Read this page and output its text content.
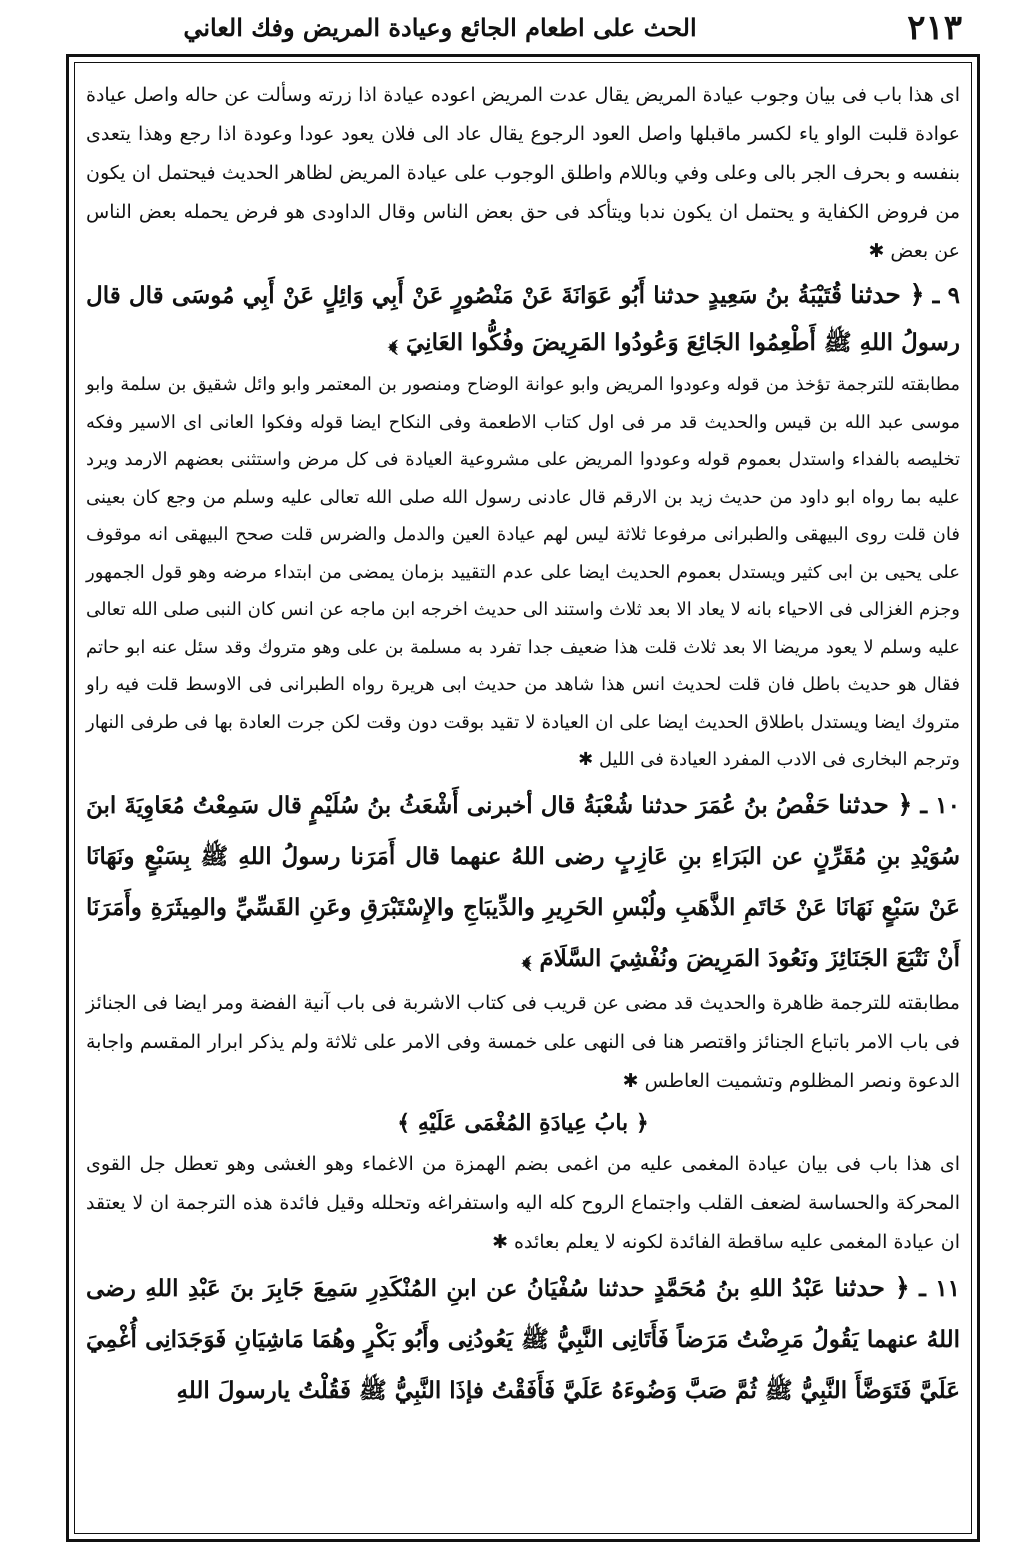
٢١٣
الحث على اطعام الجائع وعيادة المريض وفك العاني

اى هذا باب فى بيان وجوب عيادة المريض يقال عدت المريض اعوده عيادة اذا زرته وسألت عن حاله واصل عيادة عوادة قلبت الواو ياء لكسر ماقبلها واصل العود الرجوع يقال عاد الى فلان يعود عودا وعودة اذا رجع وهذا يتعدى بنفسه و بحرف الجر بالى وعلى وفي وباللام واطلق الوجوب على عيادة المريض لظاهر الحديث فيحتمل ان يكون من فروض الكفاية و يحتمل ان يكون ندبا ويتأكد فى حق بعض الناس وقال الداودى هو فرض يحمله بعض الناس عن بعض ✱

٩ ـ ﴿ حدثنا قُتَيْبَةُ بنُ سَعِيدٍ حدثنا أَبُو عَوَانَةَ عَنْ مَنْصُورٍ عَنْ أَبِي وَائِلٍ عَنْ أَبِي مُوسَى قال قال رسولُ اللهِ ﷺ أَطْعِمُوا الجَائِعَ وَعُودُوا المَرِيضَ وفُكُّوا العَانِيَ ﴾

مطابقته للترجمة تؤخذ من قوله وعودوا المريض وابو عوانة الوضاح ومنصور بن المعتمر وابو وائل شقيق بن سلمة وابو موسى عبد الله بن قيس والحديث قد مر فى اول كتاب الاطعمة وفى النكاح ايضا قوله وفكوا العانى اى الاسير وفكه تخليصه بالفداء واستدل بعموم قوله وعودوا المريض على مشروعية العيادة فى كل مرض واستثنى بعضهم الارمد ويرد عليه بما رواه ابو داود من حديث زيد بن الارقم قال عادنى رسول الله صلى الله تعالى عليه وسلم من وجع كان بعينى فان قلت روى البيهقى والطبرانى مرفوعا ثلاثة ليس لهم عيادة العين والدمل والضرس قلت صحح البيهقى انه موقوف على يحيى بن ابى كثير ويستدل بعموم الحديث ايضا على عدم التقييد بزمان يمضى من ابتداء مرضه وهو قول الجمهور وجزم الغزالى فى الاحياء بانه لا يعاد الا بعد ثلاث واستند الى حديث اخرجه ابن ماجه عن انس كان النبى صلى الله تعالى عليه وسلم لا يعود مريضا الا بعد ثلاث قلت هذا ضعيف جدا تفرد به مسلمة بن على وهو متروك وقد سئل عنه ابو حاتم فقال هو حديث باطل فان قلت لحديث انس هذا شاهد من حديث ابى هريرة رواه الطبرانى فى الاوسط قلت فيه راو متروك ايضا ويستدل باطلاق الحديث ايضا على ان العيادة لا تقيد بوقت دون وقت لكن جرت العادة بها فى طرفى النهار وترجم البخارى فى الادب المفرد العيادة فى الليل ✱

١٠ ـ ﴿ حدثنا حَفْصُ بنُ عُمَرَ حدثنا شُعْبَةُ قال أخبرنى أَشْعَثُ بنُ سُلَيْمٍ قال سَمِعْتُ مُعَاوِيَةَ ابنَ سُوَيْدِ بنِ مُقَرِّنٍ عن البَرَاءِ بنِ عَازِبٍ رضى اللهُ عنهما قال أَمَرَنا رسولُ اللهِ ﷺ بِسَبْعٍ ونَهَانَا عَنْ سَبْعٍ نَهَانَا عَنْ خَاتَمِ الذَّهَبِ ولُبْسِ الحَرِيرِ والدِّيبَاجِ والإِسْتَبْرَقِ وعَنِ القَسِّيِّ والمِيثَرَةِ وأَمَرَنَا أَنْ نَتْبَعَ الجَنَائِزَ ونَعُودَ المَرِيضَ ونُفْشِيَ السَّلَامَ ﴾

مطابقته للترجمة ظاهرة والحديث قد مضى عن قريب فى كتاب الاشربة فى باب آنية الفضة ومر ايضا فى الجنائز فى باب الامر باتباع الجنائز واقتصر هنا فى النهى على خمسة وفى الامر على ثلاثة ولم يذكر ابرار المقسم واجابة الدعوة ونصر المظلوم وتشميت العاطس ✱

﴿ بابُ عِيادَةِ المُغْمَى عَلَيْهِ ﴾

اى هذا باب فى بيان عيادة المغمى عليه من اغمى بضم الهمزة من الاغماء وهو الغشى وهو تعطل جل القوى المحركة والحساسة لضعف القلب واجتماع الروح كله اليه واستفراغه وتحلله وقيل فائدة هذه الترجمة ان لا يعتقد ان عيادة المغمى عليه ساقطة الفائدة لكونه لا يعلم بعائده ✱

١١ ـ ﴿ حدثنا عَبْدُ اللهِ بنُ مُحَمَّدٍ حدثنا سُفْيَانُ عن ابنِ المُنْكَدِرِ سَمِعَ جَابِرَ بنَ عَبْدِ اللهِ رضى اللهُ عنهما يَقُولُ مَرِضْتُ مَرَضاً فَأَتَانِى النَّبِيُّ ﷺ يَعُودُنِى وأَبُو بَكْرٍ وهُمَا مَاشِيَانِ فَوَجَدَانِى أُغْمِيَ عَلَيَّ فَتَوَضَّأَ النَّبِيُّ ﷺ ثُمَّ صَبَّ وَضُوءَهُ عَلَيَّ فَأَفَقْتُ فإذَا النَّبِيُّ ﷺ فَقُلْتُ يارسولَ اللهِ
